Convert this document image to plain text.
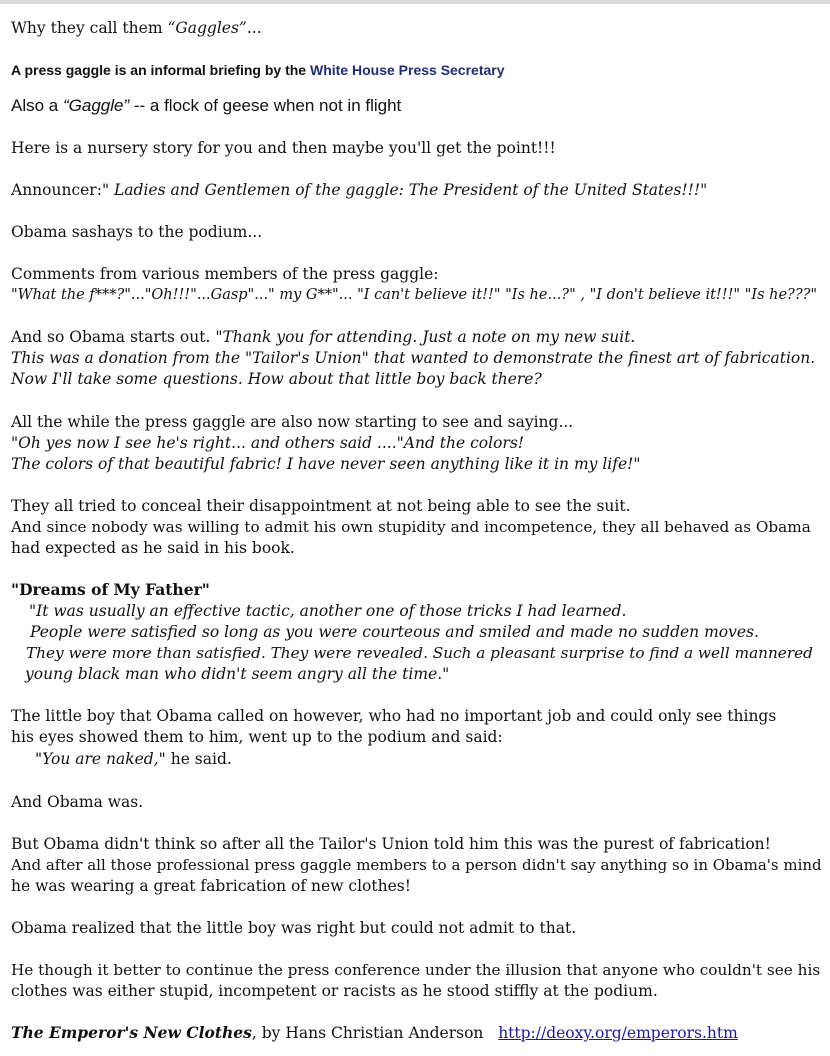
Why they call them “Gaggles”...
A press gaggle is an informal briefing by the White House Press Secretary
Also a “Gaggle” -- a flock of geese when not in flight
Here is a nursery story for you and then maybe you'll get the point!!!
Announcer:" Ladies and Gentlemen of the gaggle: The President of the United States!!!"
Obama sashays to the podium...
Comments from various members of the press gaggle:
"What the f***?"..."Oh!!!"...Gasp"..." my G**"... "I can't believe it!!" "Is he...?" , "I don't believe it!!!" "Is he???"
And so Obama starts out. "Thank you for attending. Just a note on my new suit.
This was a donation from the "Tailor's Union" that wanted to demonstrate the finest art of fabrication.
Now I'll take some questions. How about that little boy back there?
All the while the press gaggle are also now starting to see and saying...
"Oh yes now I see he's right... and others said ...."And the colors!
The colors of that beautiful fabric! I have never seen anything like it in my life!"
They all tried to conceal their disappointment at not being able to see the suit.
And since nobody was willing to admit his own stupidity and incompetence, they all behaved as Obama
had expected as he said in his book.
"Dreams of My Father"
"It was usually an effective tactic, another one of those tricks I had learned.
People were satisfied so long as you were courteous and smiled and made no sudden moves.
They were more than satisfied. They were revealed. Such a pleasant surprise to find a well mannered
young black man who didn't seem angry all the time."
The little boy that Obama called on however, who had no important job and could only see things
his eyes showed them to him, went up to the podium and said:
"You are naked," he said.
And Obama was.
But Obama didn't think so after all the Tailor's Union told him this was the purest of fabrication!
And after all those professional press gaggle members to a person didn't say anything so in Obama's mind
he was wearing a great fabrication of new clothes!
Obama realized that the little boy was right but could not admit to that.
He though it better to continue the press conference under the illusion that anyone who couldn't see his
clothes was either stupid, incompetent or racists as he stood stiffly at the podium.
The Emperor's New Clothes, by Hans Christian Anderson http://deoxy.org/emperors.htm
